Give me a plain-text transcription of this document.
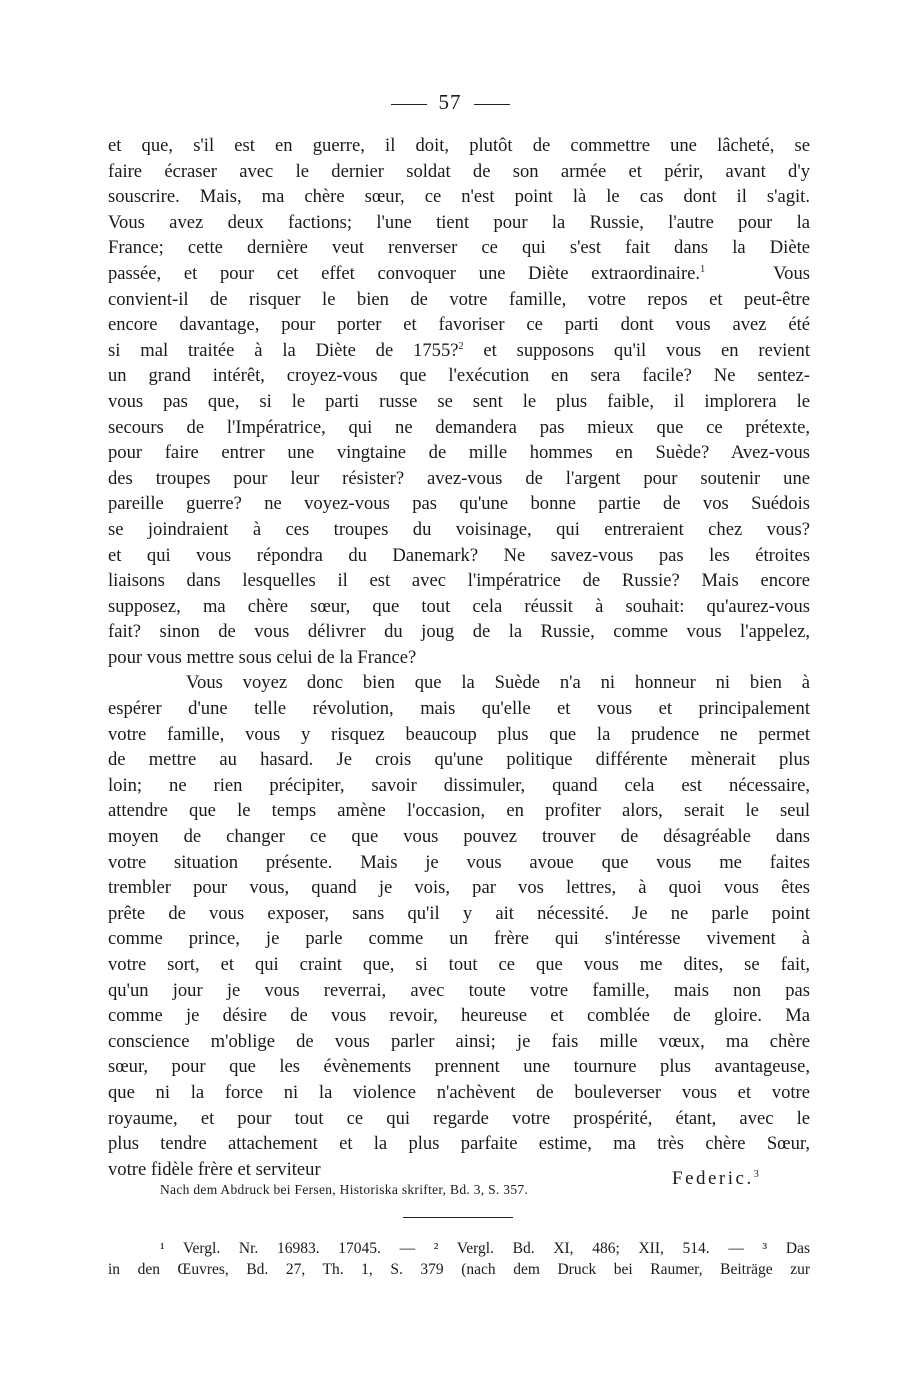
57
et que, s'il est en guerre, il doit, plutôt de commettre une lâcheté, se
faire écraser avec le dernier soldat de son armée et périr, avant d'y
souscrire. Mais, ma chère sœur, ce n'est point là le cas dont il s'agit.
Vous avez deux factions; l'une tient pour la Russie, l'autre pour la
France; cette dernière veut renverser ce qui s'est fait dans la Diète
passée, et pour cet effet convoquer une Diète extraordinaire.$^1$	Vous
convient-il de risquer le bien de votre famille, votre repos et peut-être
encore davantage, pour porter et favoriser ce parti dont vous avez été
si mal traitée à la Diète de 1755?$^2$ et supposons qu'il vous en revient
un grand intérêt, croyez-vous que l'exécution en sera facile? Ne sentez-
vous pas que, si le parti russe se sent le plus faible, il implorera le
secours de l'Impératrice, qui ne demandera pas mieux que ce prétexte,
pour faire entrer une vingtaine de mille hommes en Suède? Avez-vous
des troupes pour leur résister? avez-vous de l'argent pour soutenir une
pareille guerre? ne voyez-vous pas qu'une bonne partie de vos Suédois
se joindraient à ces troupes du voisinage, qui entreraient chez vous?
et qui vous répondra du Danemark? Ne savez-vous pas les étroites
liaisons dans lesquelles il est avec l'impératrice de Russie? Mais encore
supposez, ma chère sœur, que tout cela réussit à souhait: qu'aurez-vous
fait? sinon de vous délivrer du joug de la Russie, comme vous l'appelez,
pour vous mettre sous celui de la France?
Vous voyez donc bien que la Suède n'a ni honneur ni bien à
espérer d'une telle révolution, mais qu'elle et vous et principalement
votre famille, vous y risquez beaucoup plus que la prudence ne permet
de mettre au hasard. Je crois qu'une politique différente mènerait plus
loin; ne rien précipiter, savoir dissimuler, quand cela est nécessaire,
attendre que le temps amène l'occasion, en profiter alors, serait le seul
moyen de changer ce que vous pouvez trouver de désagréable dans
votre situation présente. Mais je vous avoue que vous me faites
trembler pour vous, quand je vois, par vos lettres, à quoi vous êtes
prête de vous exposer, sans qu'il y ait nécessité. Je ne parle point
comme prince, je parle comme un frère qui s'intéresse vivement à
votre sort, et qui craint que, si tout ce que vous me dites, se fait,
qu'un jour je vous reverrai, avec toute votre famille, mais non pas
comme je désire de vous revoir, heureuse et comblée de gloire. Ma
conscience m'oblige de vous parler ainsi; je fais mille vœux, ma chère
sœur, pour que les évènements prennent une tournure plus avantageuse,
que ni la force ni la violence n'achèvent de bouleverser vous et votre
royaume, et pour tout ce qui regarde votre prospérité, étant, avec le
plus tendre attachement et la plus parfaite estime, ma très chère Sœur,
votre fidèle frère et serviteur	Federic.$^3$
Nach dem Abdruck bei Fersen, Historiska skrifter, Bd. 3, S. 357.
¹ Vergl. Nr. 16983. 17045. — ² Vergl. Bd. XI, 486; XII, 514. — ³ Das
in den Œuvres, Bd. 27, Th. 1, S. 379 (nach dem Druck bei Raumer, Beiträge zur
